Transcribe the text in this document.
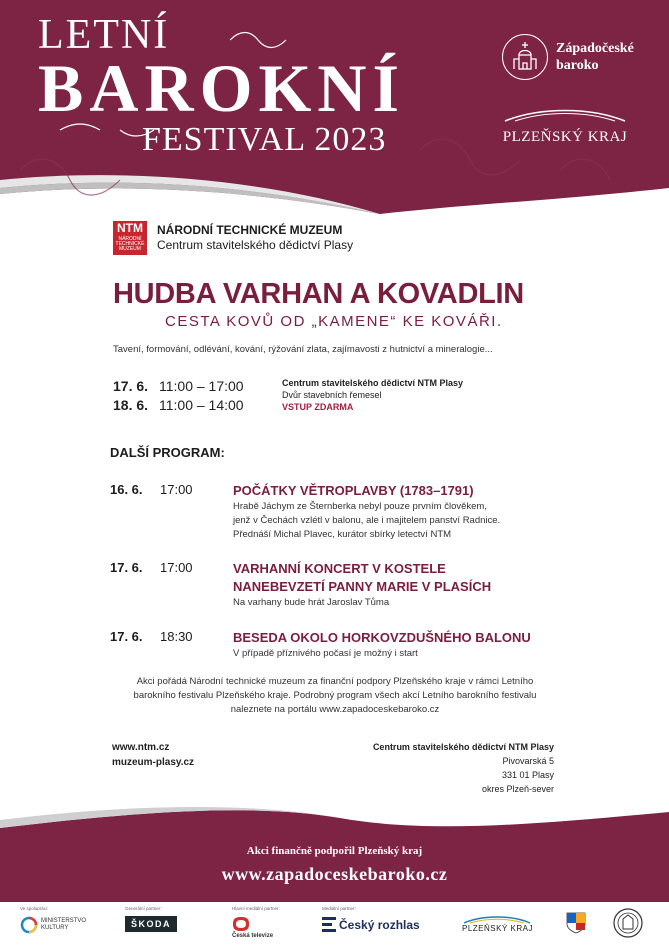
LETNÍ
BAROKNÍ
FESTIVAL 2023
Západočeské
baroko
PLZEŇSKÝ KRAJ
NTM
NÁRODNÍ TECHNICKÉ MUZEUM
NÁRODNÍ TECHNICKÉ MUZEUM
Centrum stavitelského dědictví Plasy
HUDBA VARHAN A KOVADLIN
CESTA KOVŮ OD „KAMENE“ KE KOVÁŘI.
Tavení, formování, odlévání, kování, rýžování zlata, zajímavosti z hutnictví a mineralogie...
17. 6. 11:00 – 17:00
18. 6. 11:00 – 14:00
Centrum stavitelského dědictví NTM Plasy
Dvůr stavebních řemesel
VSTUP ZDARMA
DALŠÍ PROGRAM:
16. 6. 17:00	POČÁTKY VĚTROPLAVBY (1783–1791)
Hrabě Jáchym ze Šternberka nebyl pouze prvním člověkem,
jenž v Čechách vzlétl v balonu, ale i majitelem panství Radnice.
Přednáší Michal Plavec, kurátor sbírky letectví NTM
17. 6. 17:00	VARHANNÍ KONCERT V KOSTELE
NANEBEVZETÍ PANNY MARIE V PLASÍCH
Na varhany bude hrát Jaroslav Tůma
17. 6. 18:30	BESEDA OKOLO HORKOVZDUŠNÉHO BALONU
V případě příznivého počasí je možný i start
Akci pořádá Národní technické muzeum za finanční podpory Plzeňského kraje v rámci Letního
barokního festivalu Plzeňského kraje. Podrobný program všech akcí Letního barokního festivalu
naleznete na portálu www.zapadoceskebaroko.cz
www.ntm.cz
muzeum-plasy.cz
Centrum stavitelského dědictví NTM Plasy
Pivovarská 5
331 01 Plasy
okres Plzeň-sever
Akci finančně podpořil Plzeňský kraj
www.zapadoceskebaroko.cz
Ve spolupráci:
MINISTERSTVO KULTURY
Generální partner:
ŠKODA
Hlavní mediální partner:
Česká televize
Mediální partner:
Český rozhlas	PLZEŇSKÝ KRAJ
